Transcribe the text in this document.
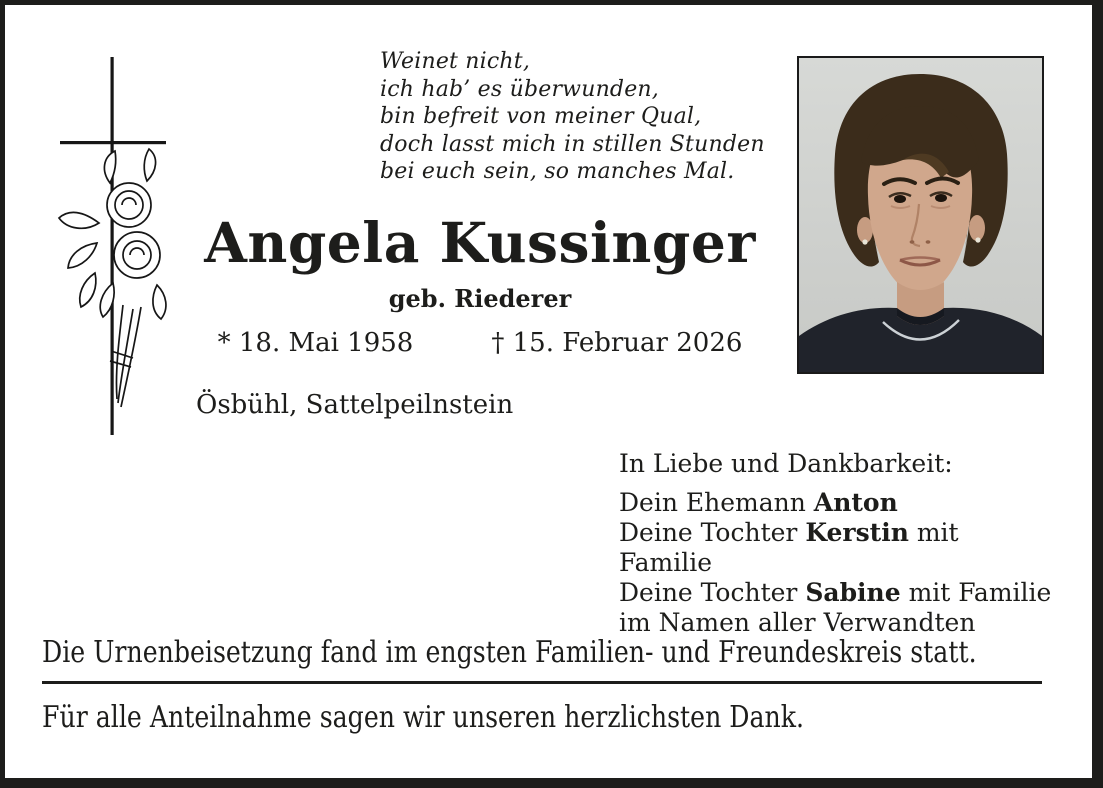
Weinet nicht,
ich hab’ es überwunden,
bin befreit von meiner Qual,
doch lasst mich in stillen Stunden
bei euch sein, so manches Mal.
Angela Kussinger
geb. Riederer
* 18. Mai 1958	† 15. Februar 2026
Ösbühl, Sattelpeilnstein
In Liebe und Dankbarkeit:
Dein Ehemann Anton
Deine Tochter Kerstin mit Familie
Deine Tochter Sabine mit Familie
im Namen aller Verwandten
Die Urnenbeisetzung fand im engsten Familien- und Freundeskreis statt.
Für alle Anteilnahme sagen wir unseren herzlichsten Dank.
